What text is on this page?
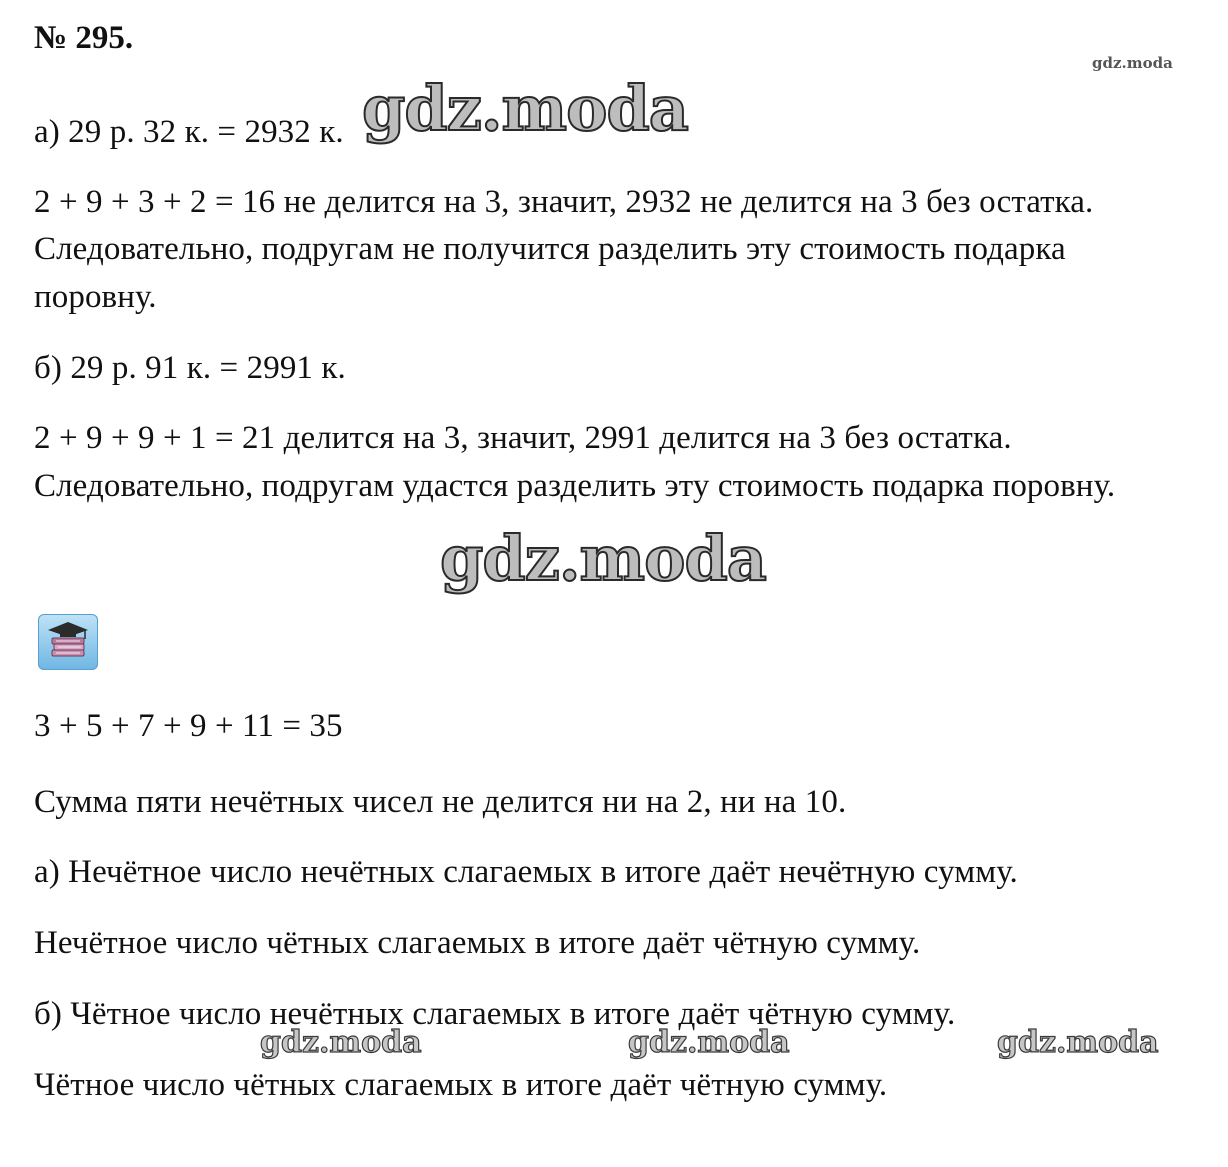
№ 295.
gdz.moda
а) 29 р. 32 к. = 2932 к. gdz.moda
2 + 9 + 3 + 2 = 16 не делится на 3, значит, 2932 не делится на 3 без остатка.
Следовательно, подругам не получится разделить эту стоимость подарка
поровну.
б) 29 р. 91 к. = 2991 к.
2 + 9 + 9 + 1 = 21 делится на 3, значит, 2991 делится на 3 без остатка.
Следовательно, подругам удастся разделить эту стоимость подарка поровну.
gdz.moda
3 + 5 + 7 + 9 + 11 = 35
Сумма пяти нечётных чисел не делится ни на 2, ни на 10.
а) Нечётное число нечётных слагаемых в итоге даёт нечётную сумму.
Нечётное число чётных слагаемых в итоге даёт чётную сумму.
б) Чётное число нечётных слагаемых в итоге даёт чётную сумму.
gdz.moda	gdz.moda	gdz.moda
Чётное число чётных слагаемых в итоге даёт чётную сумму.
